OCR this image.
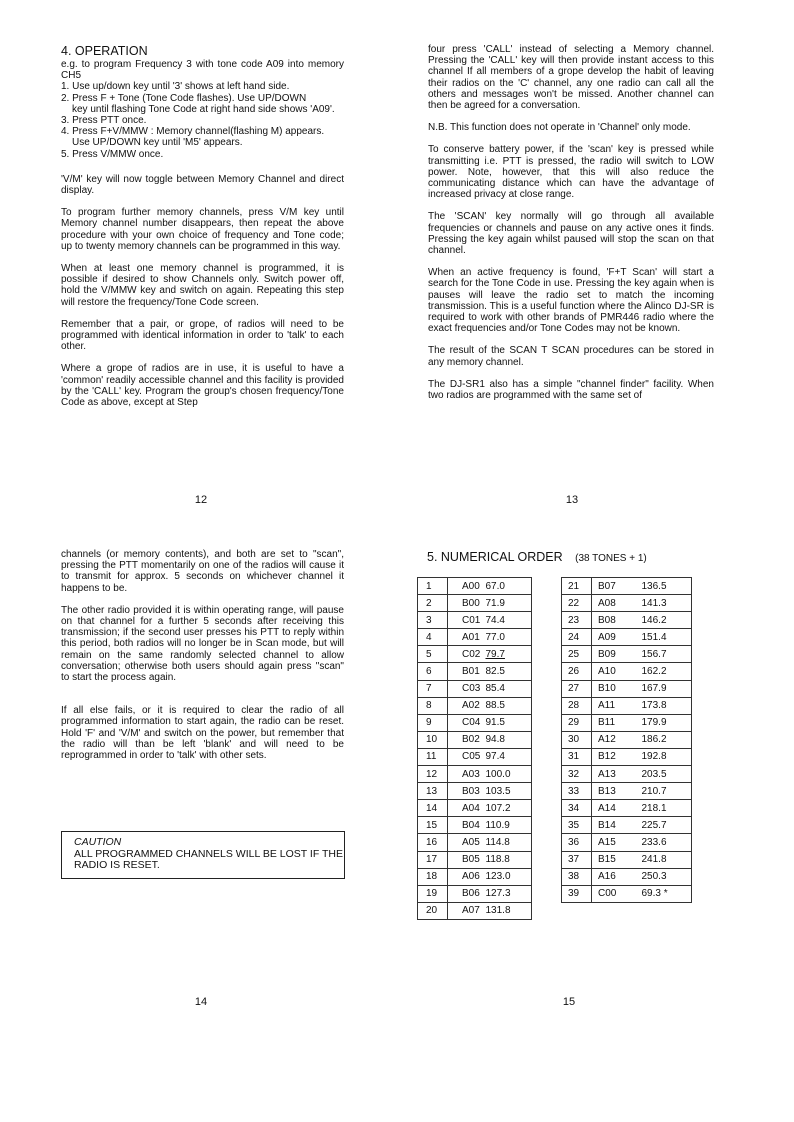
4. OPERATION
e.g. to program Frequency 3 with tone code A09 into memory CH5
1. Use up/down key until '3' shows at left hand side.
2. Press F + Tone (Tone Code flashes). Use UP/DOWN
key until flashing Tone Code at right hand side shows 'A09'.
3. Press PTT once.
4. Press F+V/MMW : Memory channel(flashing M) appears.
Use UP/DOWN key until 'M5' appears.
5. Press V/MMW once.

'V/M' key will now toggle between Memory Channel and direct display.

To program further memory channels, press V/M key until Memory channel number disappears, then repeat the above procedure with your own choice of frequency and Tone code; up to twenty memory channels can be programmed in this way.

When at least one memory channel is programmed, it is possible if desired to show Channels only. Switch power off, hold the V/MMW key and switch on again. Repeating this step will restore the frequency/Tone Code screen.

Remember that a pair, or grope, of radios will need to be programmed with identical information in order to 'talk' to each other.

Where a grope of radios are in use, it is useful to have a 'common' readily accessible channel and this facility is provided by the 'CALL' key. Program the group's chosen frequency/Tone Code as above, except at Step

12

four press 'CALL' instead of selecting a Memory channel. Pressing the 'CALL' key will then provide instant access to this channel If all members of a grope develop the habit of leaving their radios on the 'C' channel, any one radio can call all the others and messages won't be missed. Another channel can then be agreed for a conversation.

N.B. This function does not operate in 'Channel' only mode.

To conserve battery power, if the 'scan' key is pressed while transmitting i.e. PTT is pressed, the radio will switch to LOW power. Note, however, that this will also reduce the communicating distance which can have the advantage of increased privacy at close range.

The 'SCAN' key normally will go through all available frequencies or channels and pause on any active ones it finds. Pressing the key again whilst paused will stop the scan on that channel.

When an active frequency is found, 'F+T Scan' will start a search for the Tone Code in use. Pressing the key again when is pauses will leave the radio set to match the incoming transmission. This is a useful function where the Alinco DJ-SR is required to work with other brands of PMR446 radio where the exact frequencies and/or Tone Codes may not be known.

The result of the SCAN T SCAN procedures can be stored in any memory channel.

The DJ-SR1 also has a simple "channel finder" facility. When two radios are programmed with the same set of

13

channels (or memory contents), and both are set to "scan", pressing the PTT momentarily on one of the radios will cause it to transmit for approx. 5 seconds on whichever channel it happens to be.

The other radio provided it is within operating range, will pause on that channel for a further 5 seconds after receiving this transmission; if the second user presses his PTT to reply within this period, both radios will no longer be in Scan mode, but will remain on the same randomly selected channel to allow conversation; otherwise both users should again press "scan" to start the process again.

If all else fails, or it is required to clear the radio of all programmed information to start again, the radio can be reset. Hold 'F' and 'V/M' and switch on the power, but remember that the radio will than be left 'blank' and will need to be reprogrammed in order to 'talk' with other sets.

CAUTION
ALL PROGRAMMED CHANNELS WILL BE LOST IF THE RADIO IS RESET.
14
5. NUMERICAL ORDER (38 TONES + 1)
1	A00	67.0
2	B00	71.9
3	C01	74.4
4	A01	77.0
5	C02	79.7
6	B01	82.5
7	C03	85.4
8	A02	88.5
9	C04	91.5
10	B02	94.8
11	C05	97.4
12	A03	100.0
13	B03	103.5
14	A04	107.2
15	B04	110.9
16	A05	114.8
17	B05	118.8
18	A06	123.0
19	B06	127.3
20	A07	131.8
21	B07	136.5
22	A08	141.3
23	B08	146.2
24	A09	151.4
25	B09	156.7
26	A10	162.2
27	B10	167.9
28	A11	173.8
29	B11	179.9
30	A12	186.2
31	B12	192.8
32	A13	203.5
33	B13	210.7
34	A14	218.1
35	B14	225.7
36	A15	233.6
37	B15	241.8
38	A16	250.3
39	C00	69.3 *
15
